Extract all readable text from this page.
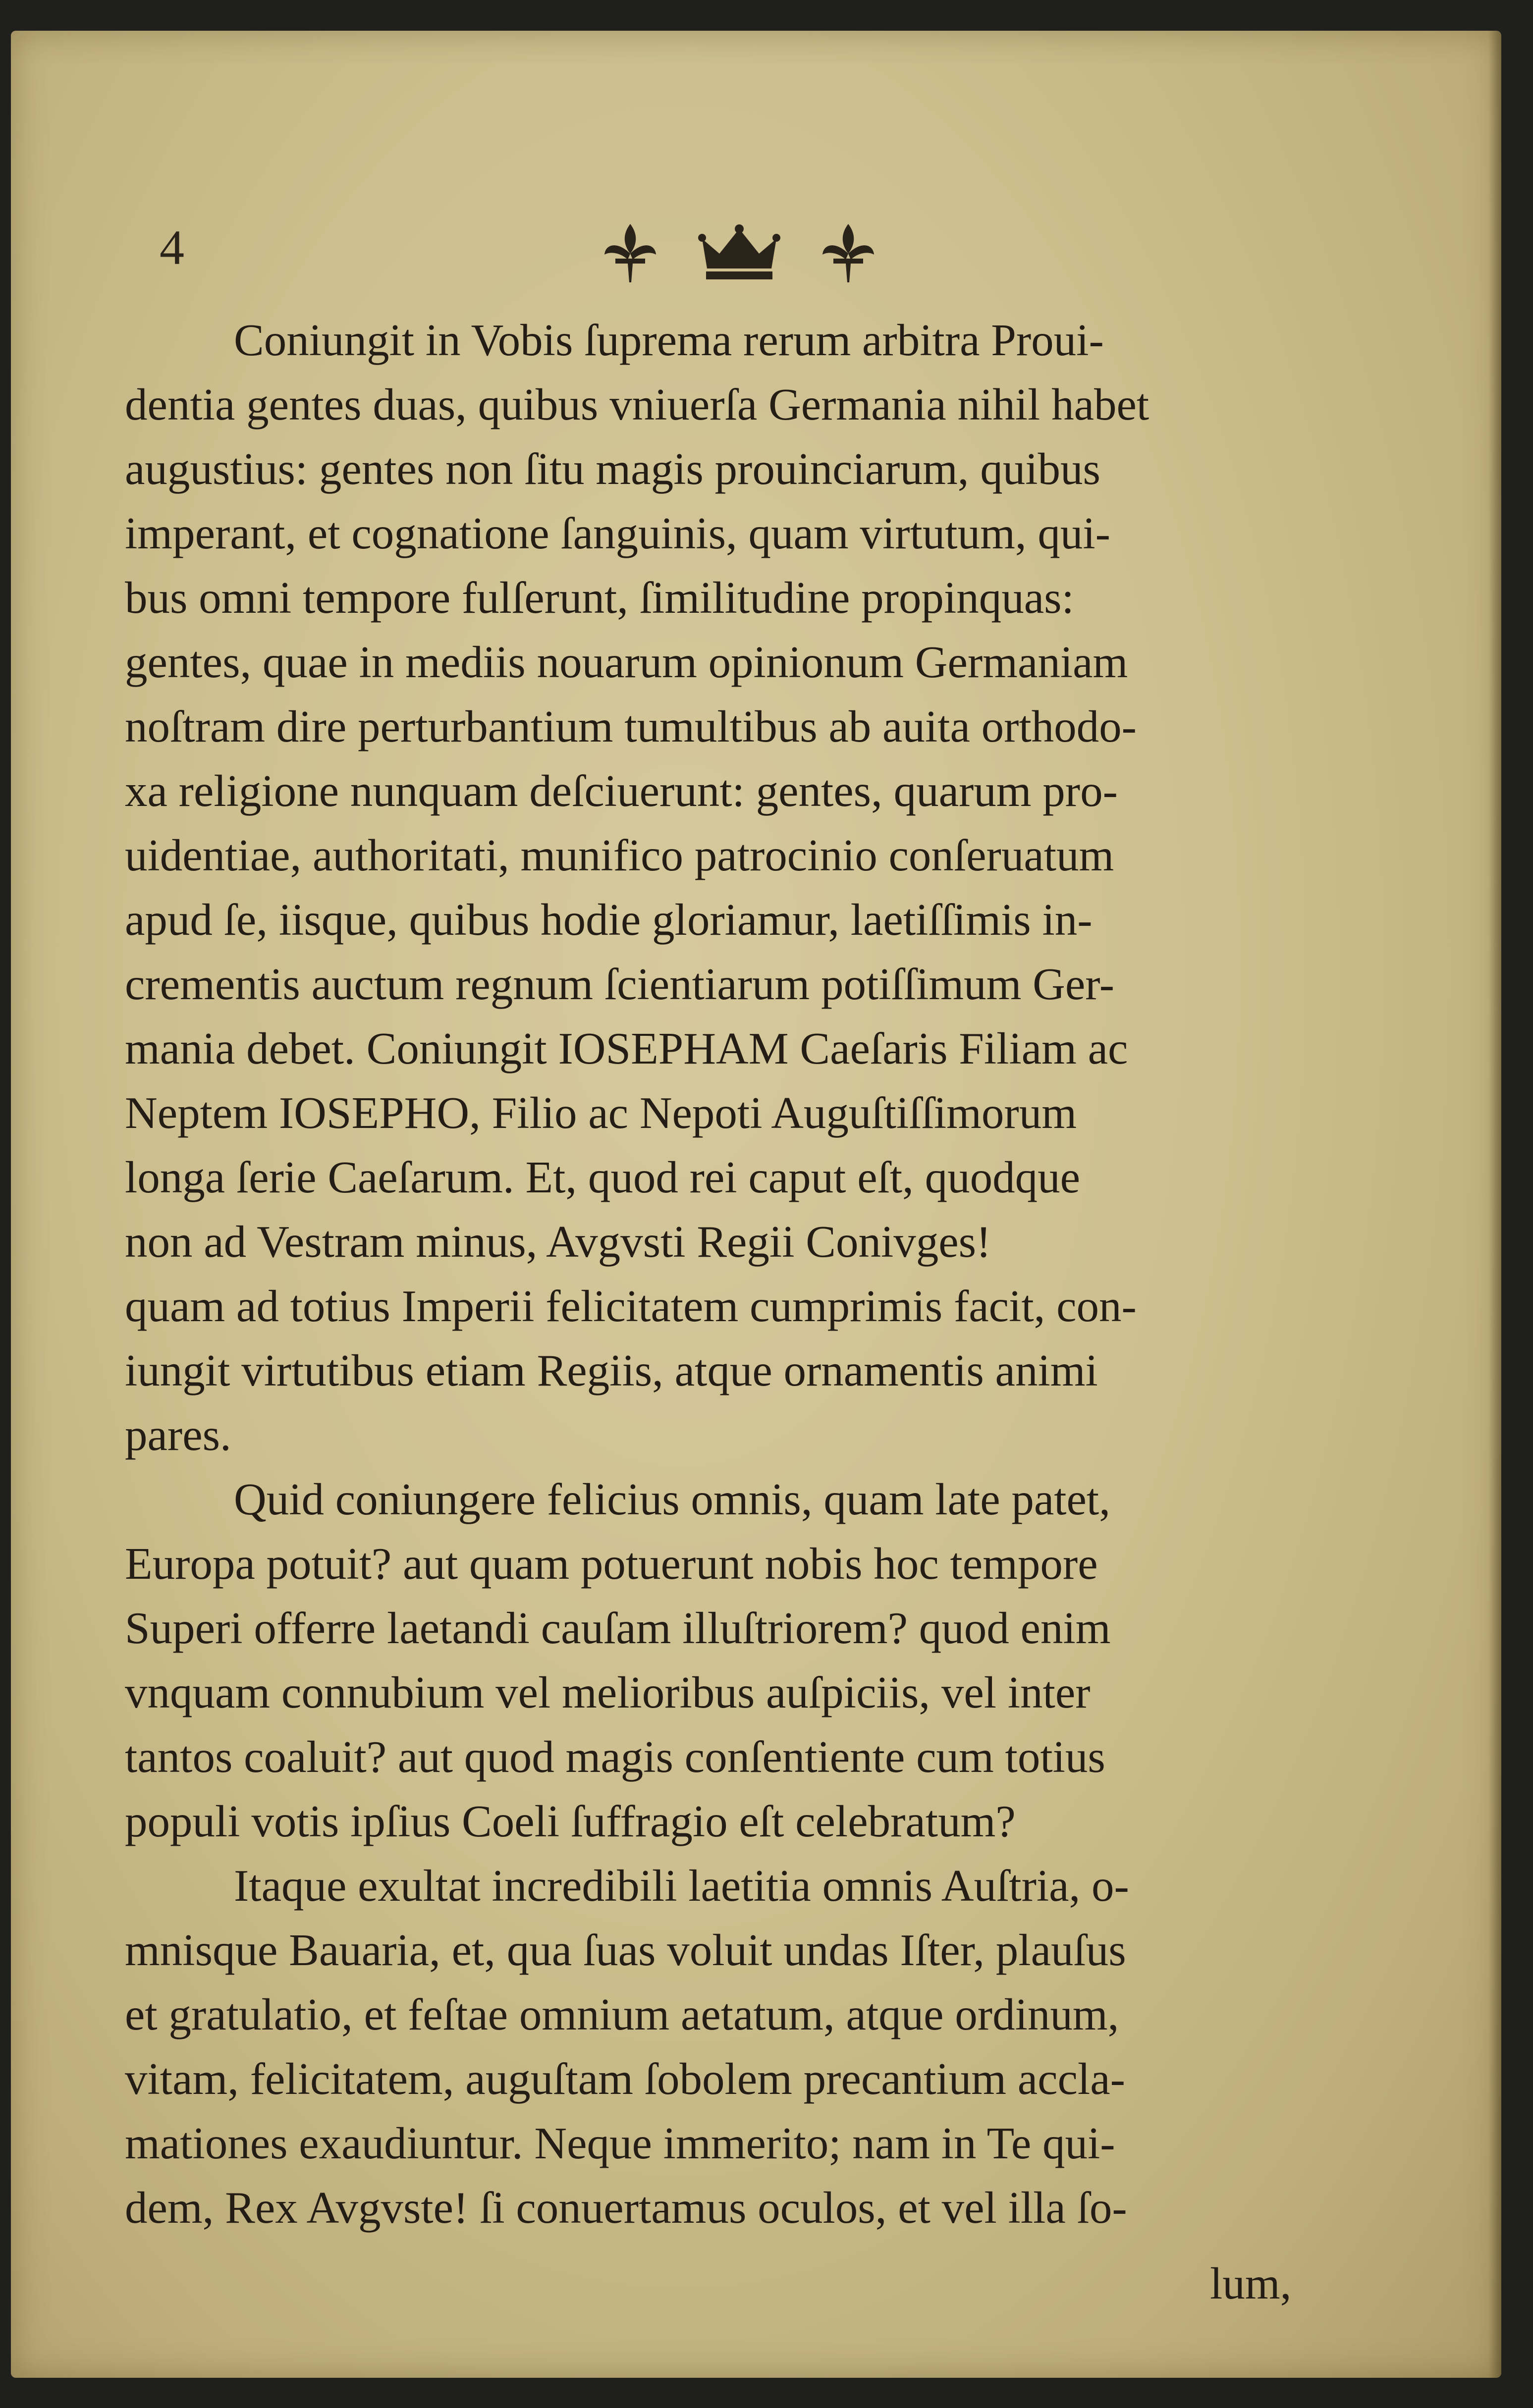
4

Coniungit in Vobis ſuprema rerum arbitra Proui-
dentia gentes duas, quibus vniuerſa Germania nihil habet
augustius: gentes non ſitu magis prouinciarum, quibus
imperant, et cognatione ſanguinis, quam virtutum, qui-
bus omni tempore fulſerunt, ſimilitudine propinquas:
gentes, quae in mediis nouarum opinionum Germaniam
noſtram dire perturbantium tumultibus ab auita orthodo-
xa religione nunquam deſciuerunt: gentes, quarum pro-
uidentiae, authoritati, munifico patrocinio conſeruatum
apud ſe, iisque, quibus hodie gloriamur, laetiſſimis in-
crementis auctum regnum ſcientiarum potiſſimum Ger-
mania debet. Coniungit IOSEPHAM Caeſaris Filiam ac
Neptem IOSEPHO, Filio ac Nepoti Auguſtiſſimorum
longa ſerie Caeſarum. Et, quod rei caput eſt, quodque
non ad Vestram minus, Avgvsti Regii Conivges!
quam ad totius Imperii felicitatem cumprimis facit, con-
iungit virtutibus etiam Regiis, atque ornamentis animi
pares.

Quid coniungere felicius omnis, quam late patet,
Europa potuit? aut quam potuerunt nobis hoc tempore
Superi offerre laetandi cauſam illuſtriorem? quod enim
vnquam connubium vel melioribus auſpiciis, vel inter
tantos coaluit? aut quod magis conſentiente cum totius
populi votis ipſius Coeli ſuffragio eſt celebratum?

Itaque exultat incredibili laetitia omnis Auſtria, o-
mnisque Bauaria, et, qua ſuas voluit undas Iſter, plauſus
et gratulatio, et feſtae omnium aetatum, atque ordinum,
vitam, felicitatem, auguſtam ſobolem precantium accla-
mationes exaudiuntur. Neque immerito; nam in Te qui-
dem, Rex Avgvste! ſi conuertamus oculos, et vel illa ſo-

lum,
